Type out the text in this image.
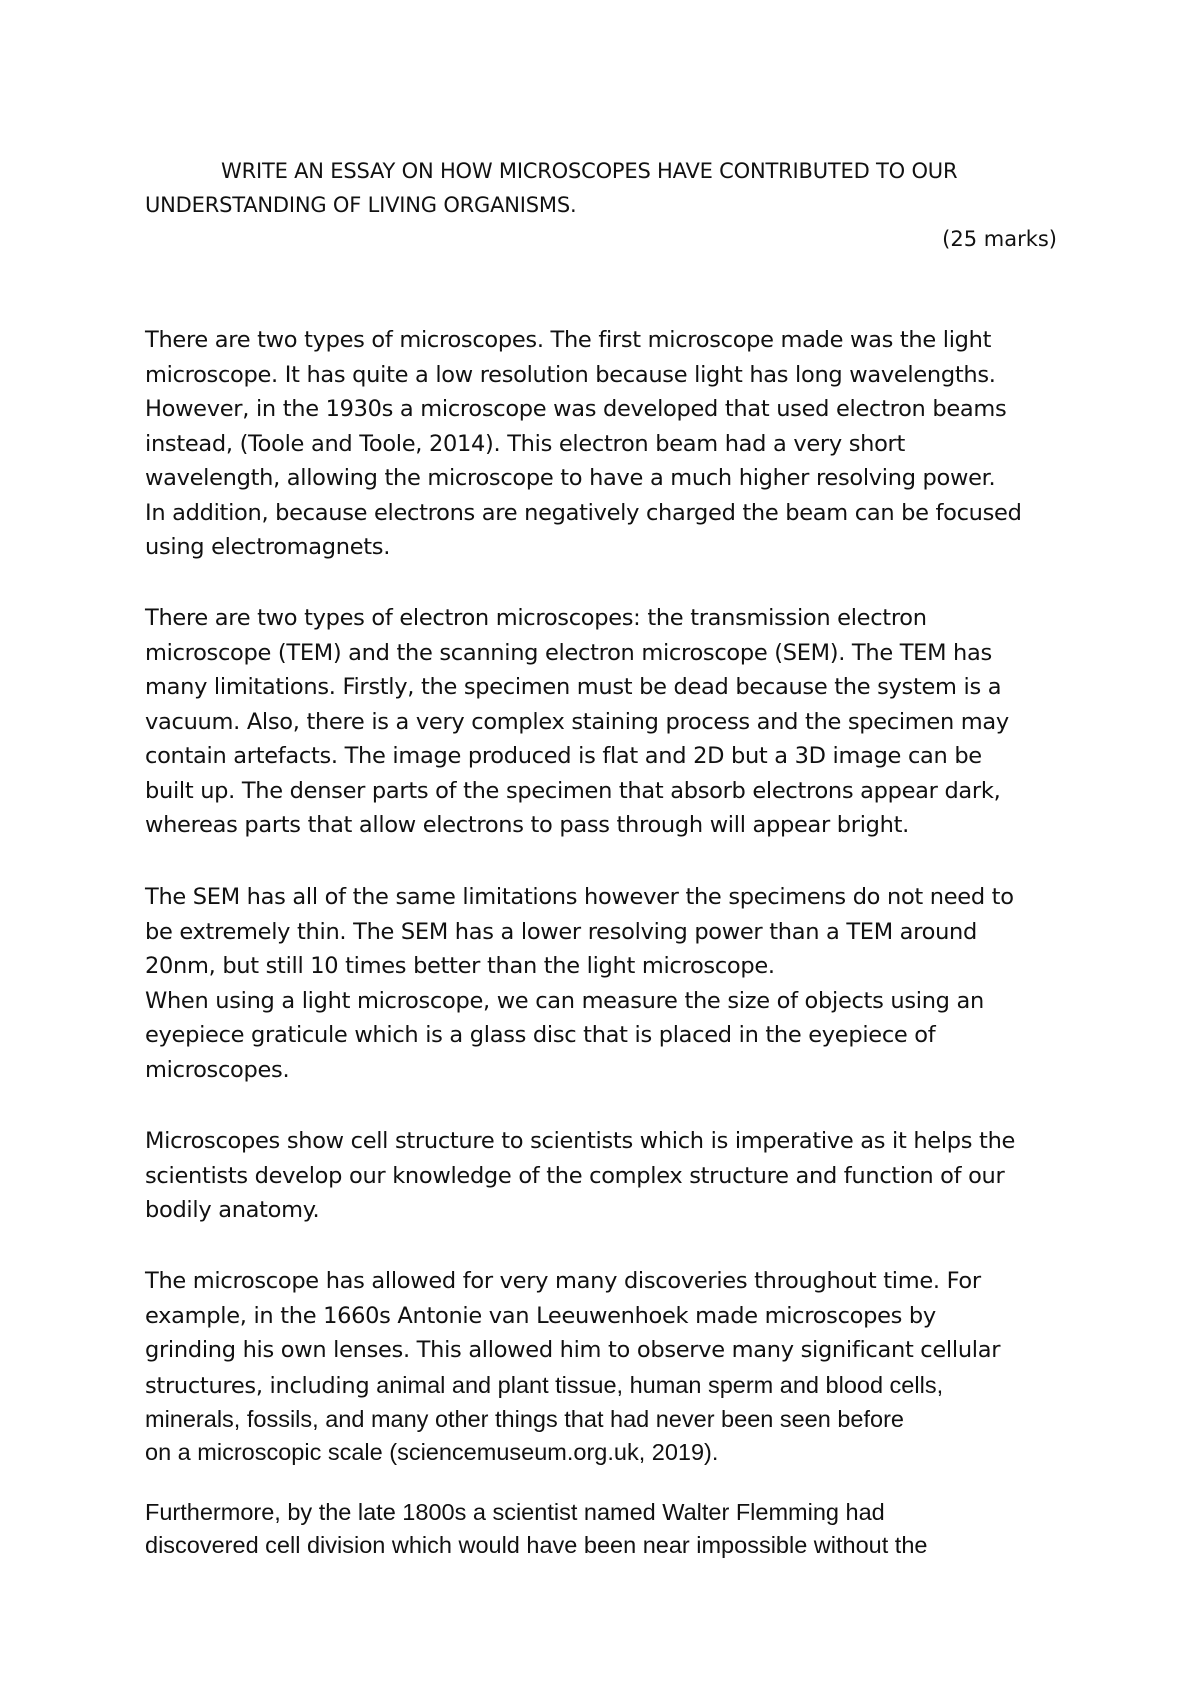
WRITE AN ESSAY ON HOW MICROSCOPES HAVE CONTRIBUTED TO OUR
UNDERSTANDING OF LIVING ORGANISMS.
(25 marks)

There are two types of microscopes. The first microscope made was the light
microscope. It has quite a low resolution because light has long wavelengths.
However, in the 1930s a microscope was developed that used electron beams
instead, (Toole and Toole, 2014). This electron beam had a very short
wavelength, allowing the microscope to have a much higher resolving power.
In addition, because electrons are negatively charged the beam can be focused
using electromagnets.

There are two types of electron microscopes: the transmission electron
microscope (TEM) and the scanning electron microscope (SEM). The TEM has
many limitations. Firstly, the specimen must be dead because the system is a
vacuum. Also, there is a very complex staining process and the specimen may
contain artefacts. The image produced is flat and 2D but a 3D image can be
built up. The denser parts of the specimen that absorb electrons appear dark,
whereas parts that allow electrons to pass through will appear bright.

The SEM has all of the same limitations however the specimens do not need to
be extremely thin. The SEM has a lower resolving power than a TEM around
20nm, but still 10 times better than the light microscope.
When using a light microscope, we can measure the size of objects using an
eyepiece graticule which is a glass disc that is placed in the eyepiece of
microscopes.

Microscopes show cell structure to scientists which is imperative as it helps the
scientists develop our knowledge of the complex structure and function of our
bodily anatomy.

The microscope has allowed for very many discoveries throughout time. For
example, in the 1660s Antonie van Leeuwenhoek made microscopes by
grinding his own lenses. This allowed him to observe many significant cellular
structures, including animal and plant tissue, human sperm and blood cells,

minerals, fossils, and many other things that had never been seen before
on a microscopic scale (sciencemuseum.org.uk, 2019).

Furthermore, by the late 1800s a scientist named Walter Flemming had
discovered cell division which would have been near impossible without the
